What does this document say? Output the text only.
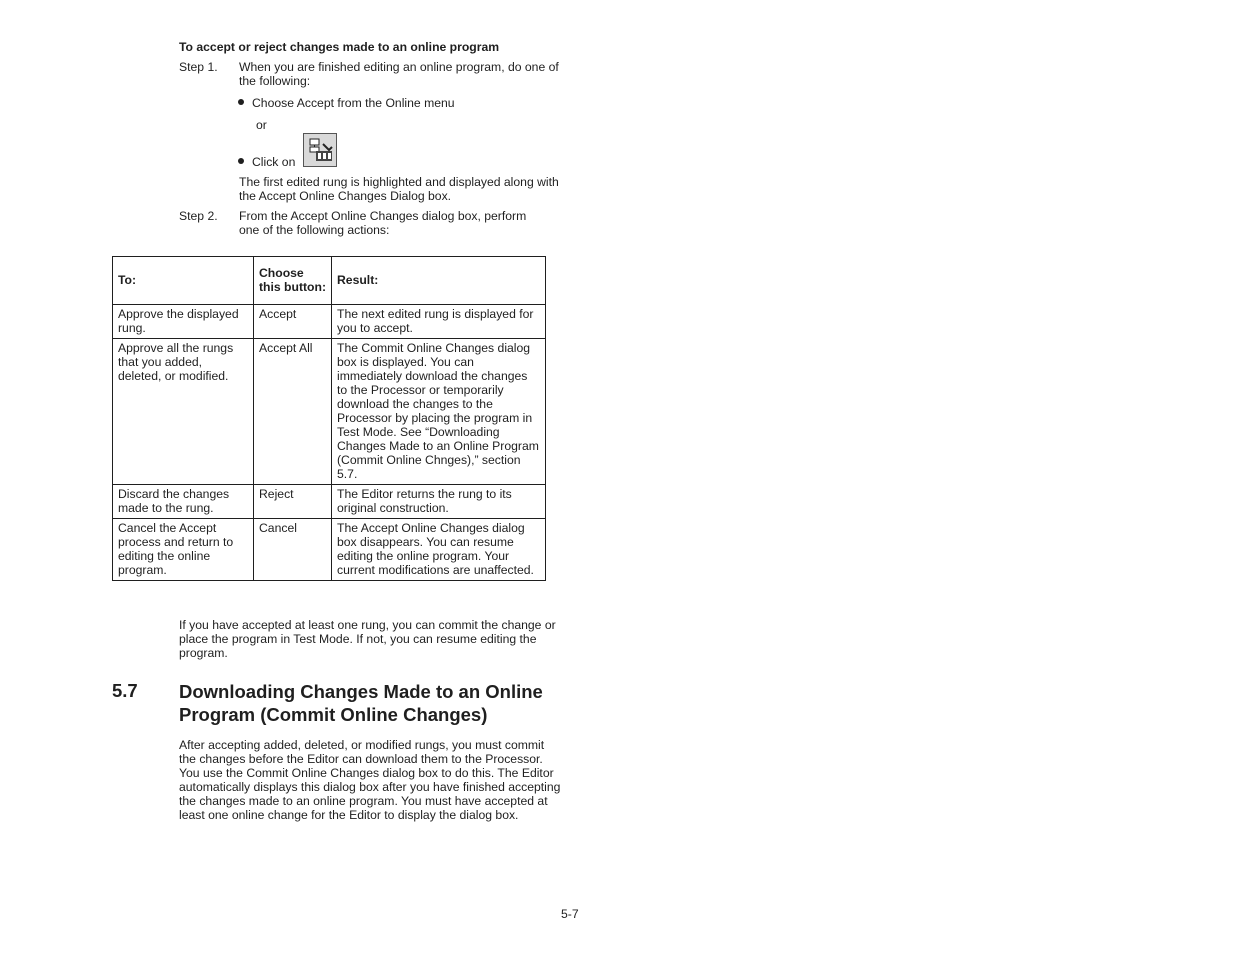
To accept or reject changes made to an online program
Step 1.	When you are finished editing an online program, do one of the following:
Choose Accept from the Online menu
or
Click on
The first edited rung is highlighted and displayed along with the Accept Online Changes Dialog box.
Step 2.	From the Accept Online Changes dialog box, perform one of the following actions:
To:	Choose this button:	Result:
Approve the displayed rung.	Accept	The next edited rung is displayed for you to accept.
Approve all the rungs that you added, deleted, or modified.	Accept All	The Commit Online Changes dialog box is displayed. You can immediately download the changes to the Processor or temporarily download the changes to the Processor by placing the program in Test Mode. See “Downloading Changes Made to an Online Program (Commit Online Chnges),” section 5.7.
Discard the changes made to the rung.	Reject	The Editor returns the rung to its original construction.
Cancel the Accept process and return to editing the online program.	Cancel	The Accept Online Changes dialog box disappears. You can resume editing the online program. Your current modifications are unaffected.
If you have accepted at least one rung, you can commit the change or place the program in Test Mode. If not, you can resume editing the program.
5.7 Downloading Changes Made to an Online Program (Commit Online Changes)
After accepting added, deleted, or modified rungs, you must commit the changes before the Editor can download them to the Processor. You use the Commit Online Changes dialog box to do this. The Editor automatically displays this dialog box after you have finished accepting the changes made to an online program. You must have accepted at least one online change for the Editor to display the dialog box.
5-7
